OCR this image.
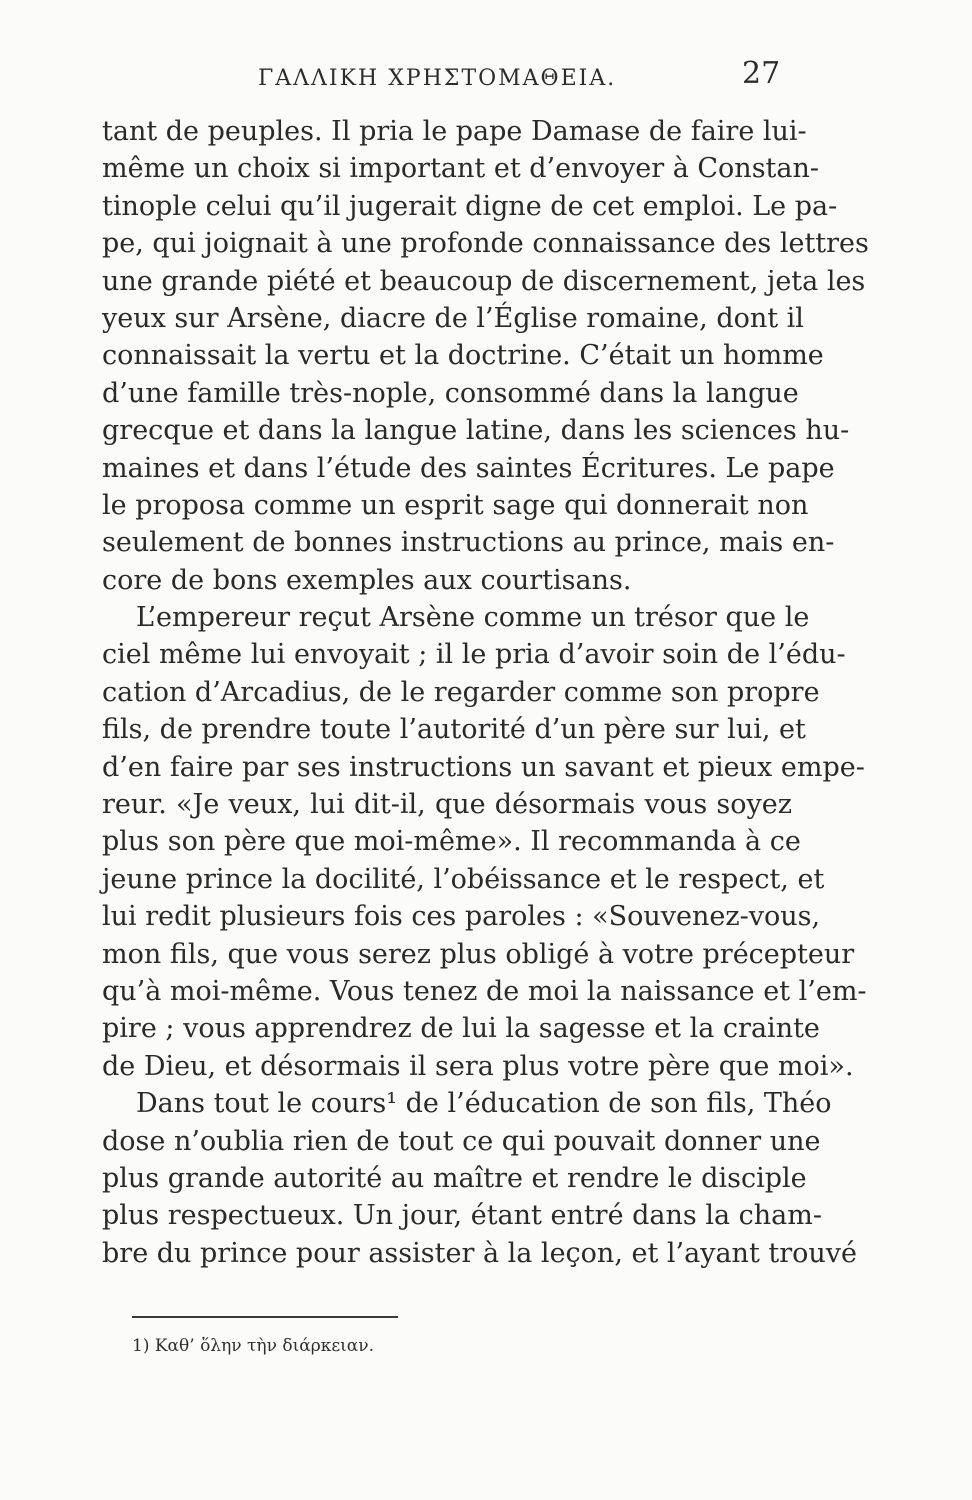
ΓΑΛΛΙΚΗ ΧΡΗΣΤΟΜΑΘΕΙΑ.	27
tant de peuples. Il pria le pape Damase de faire lui-
même un choix si important et d’envoyer à Constan-
tinople celui qu’il jugerait digne de cet emploi. Le pa-
pe, qui joignait à une profonde connaissance des lettres
une grande piété et beaucoup de discernement, jeta les
yeux sur Arsène, diacre de l’Église romaine, dont il
connaissait la vertu et la doctrine. C’était un homme
d’une famille très-nople, consommé dans la langue
grecque et dans la langue latine, dans les sciences hu-
maines et dans l’étude des saintes Écritures. Le pape
le proposa comme un esprit sage qui donnerait non
seulement de bonnes instructions au prince, mais en-
core de bons exemples aux courtisans.
L’empereur reçut Arsène comme un trésor que le
ciel même lui envoyait ; il le pria d’avoir soin de l’édu-
cation d’Arcadius, de le regarder comme son propre
fils, de prendre toute l’autorité d’un père sur lui, et
d’en faire par ses instructions un savant et pieux empe-
reur. «Je veux, lui dit-il, que désormais vous soyez
plus son père que moi-même». Il recommanda à ce
jeune prince la docilité, l’obéissance et le respect, et
lui redit plusieurs fois ces paroles : «Souvenez-vous,
mon fils, que vous serez plus obligé à votre précepteur
qu’à moi-même. Vous tenez de moi la naissance et l’em-
pire ; vous apprendrez de lui la sagesse et la crainte
de Dieu, et désormais il sera plus votre père que moi».
Dans tout le cours¹ de l’éducation de son fils, Théo
dose n’oublia rien de tout ce qui pouvait donner une
plus grande autorité au maître et rendre le disciple
plus respectueux. Un jour, étant entré dans la cham-
bre du prince pour assister à la leçon, et l’ayant trouvé
1) Καθ’ ὅλην τὴν διάρκειαν.
